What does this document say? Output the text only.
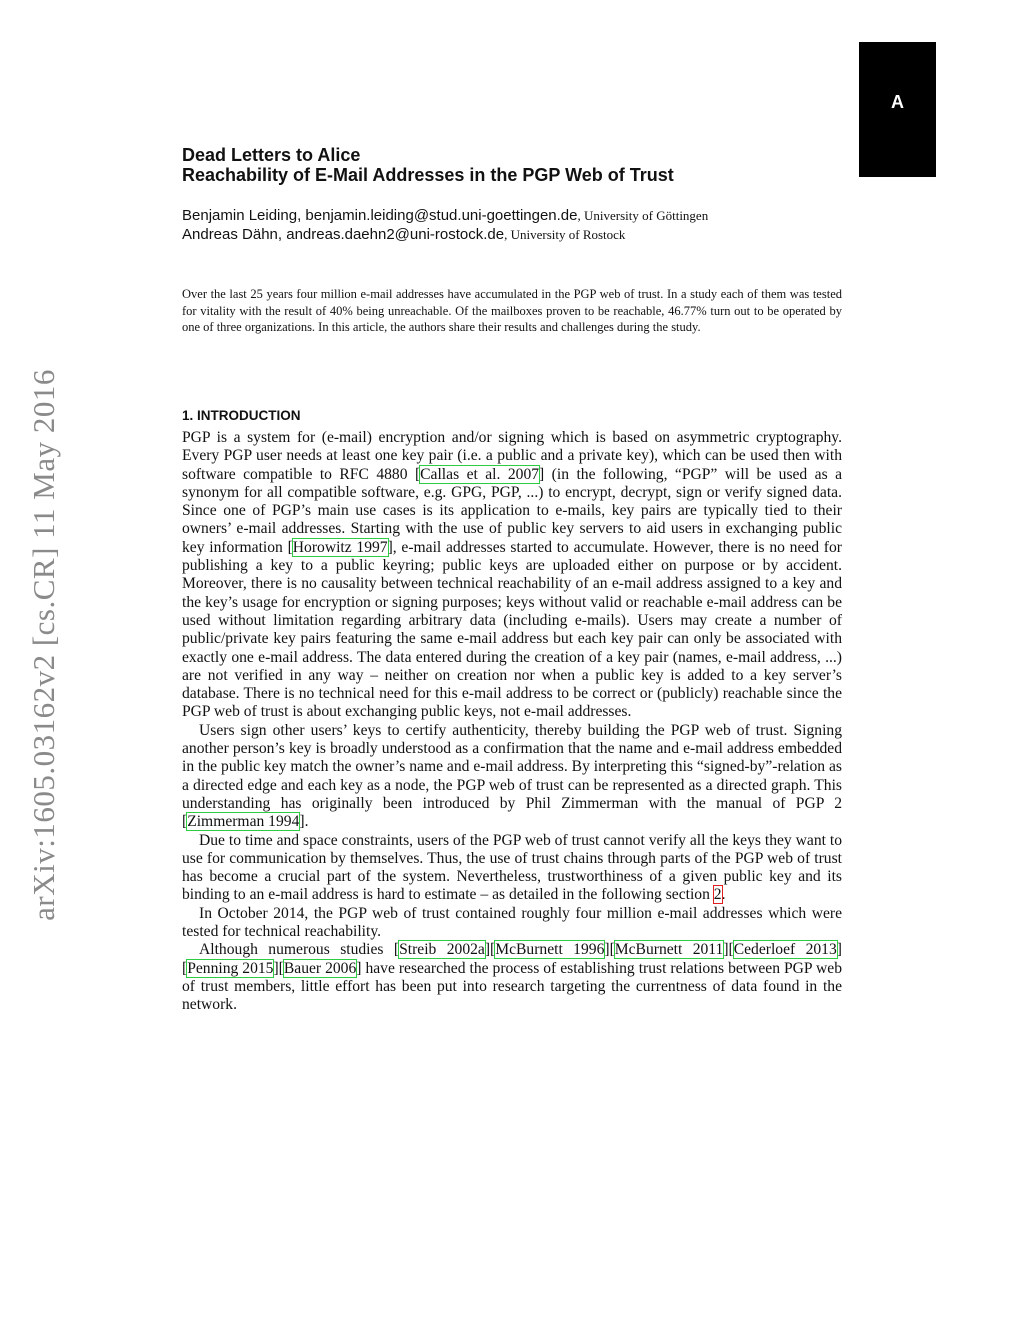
arXiv:1605.03162v2 [cs.CR] 11 May 2016
A
Dead Letters to Alice
Reachability of E-Mail Addresses in the PGP Web of Trust
Benjamin Leiding, benjamin.leiding@stud.uni-goettingen.de, University of Göttingen
Andreas Dähn, andreas.daehn2@uni-rostock.de, University of Rostock
Over the last 25 years four million e-mail addresses have accumulated in the PGP web of trust. In a study each of them was tested for vitality with the result of 40% being unreachable. Of the mailboxes proven to be reachable, 46.77% turn out to be operated by one of three organizations. In this article, the authors share their results and challenges during the study.
1. INTRODUCTION

PGP is a system for (e-mail) encryption and/or signing which is based on asymmetric cryptography. Every PGP user needs at least one key pair (i.e. a public and a private key), which can be used then with software compatible to RFC 4880 [Callas et al. 2007] (in the following, “PGP” will be used as a synonym for all compatible software, e.g. GPG, PGP, ...) to encrypt, decrypt, sign or verify signed data. Since one of PGP’s main use cases is its application to e-mails, key pairs are typically tied to their owners’ e-mail addresses. Starting with the use of public key servers to aid users in exchanging public key information [Horowitz 1997], e-mail addresses started to accumulate. However, there is no need for publishing a key to a public keyring; public keys are uploaded either on purpose or by accident. Moreover, there is no causality between technical reachability of an e-mail address assigned to a key and the key’s usage for encryption or signing purposes; keys without valid or reachable e-mail address can be used without limitation regarding arbitrary data (including e-mails). Users may create a number of public/private key pairs featuring the same e-mail address but each key pair can only be associated with exactly one e-mail address. The data entered during the creation of a key pair (names, e-mail address, ...) are not verified in any way – neither on creation nor when a public key is added to a key server’s database. There is no technical need for this e-mail address to be correct or (publicly) reachable since the PGP web of trust is about exchanging public keys, not e-mail addresses.

Users sign other users’ keys to certify authenticity, thereby building the PGP web of trust. Signing another person’s key is broadly understood as a confirmation that the name and e-mail address embedded in the public key match the owner’s name and e-mail address. By interpreting this “signed-by”-relation as a directed edge and each key as a node, the PGP web of trust can be represented as a directed graph. This understanding has originally been introduced by Phil Zimmerman with the manual of PGP 2 [Zimmerman 1994].

Due to time and space constraints, users of the PGP web of trust cannot verify all the keys they want to use for communication by themselves. Thus, the use of trust chains through parts of the PGP web of trust has become a crucial part of the system. Nevertheless, trustworthiness of a given public key and its binding to an e-mail address is hard to estimate – as detailed in the following section 2.

In October 2014, the PGP web of trust contained roughly four million e-mail addresses which were tested for technical reachability.

Although numerous studies [Streib 2002a][McBurnett 1996][McBurnett 2011][Cederloef 2013][Penning 2015][Bauer 2006] have researched the process of establishing trust relations between PGP web of trust members, little effort has been put into research targeting the currentness of data found in the network.
